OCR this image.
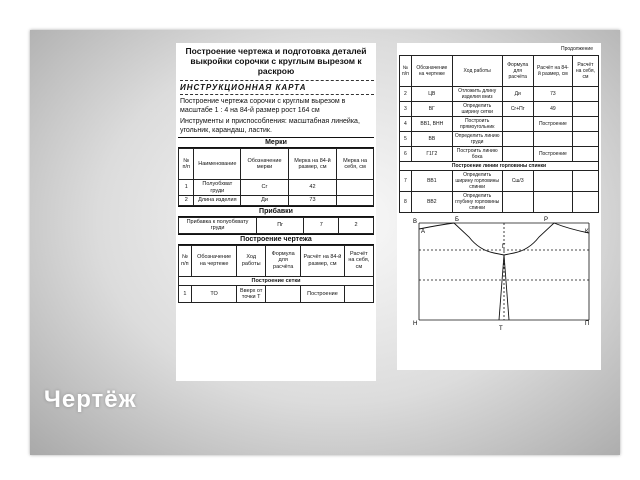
Построение чертежа и подготовка деталей выкройки сорочки с круглым вырезом к раскрою
ИНСТРУКЦИОННАЯ КАРТА
Построение чертежа сорочки с круглым вырезом в масштабе 1 : 4 на 84-й размер рост 164 см
Инструменты и приспособления: масштабная линейка, угольник, карандаш, ластик.
Мерки
№ п/п	Наименование	Обозначение мерки	Мерка на 84-й размер, см	Мерка на себя, см
1	Полуобхват груди	Сг	42	
2	Длина изделия	Ди	73	
Прибавки
Прибавка к полуобхвату груди	Пг	7	2
Построение чертежа
№ п/п	Обозначение на чертеже	Ход работы	Формула для расчёта	Расчёт на 84-й размер, см	Расчёт на себя, см
Построение сетки					
1	ТО	Вверх от точки Т		Построение	
Продолжение
№ п/п	Обозначение на чертеже	Ход работы	Формула для расчёта	Расчёт на 84-й размер, см	Расчёт на себя, см
2	ЦВ	Отложить длину изделия вниз	Ди	73	
3	ВГ	Определить ширину сетки	Сг+Пг	49	
4	ВВ1, ВНН	Построить прямоугольник		Построение	
5	ВВ	Определить линию груди			
6	Г1Г2	Построить линию бока		Построение	
Построение линии горловины спинки					
7	ВВ1	Определить ширину горловины спинки	Сш/3		
8	ВВ2	Определить глубину горловины спинки			
В
А
Б
Г
Н
Т
Р
К
П
Чертёж
